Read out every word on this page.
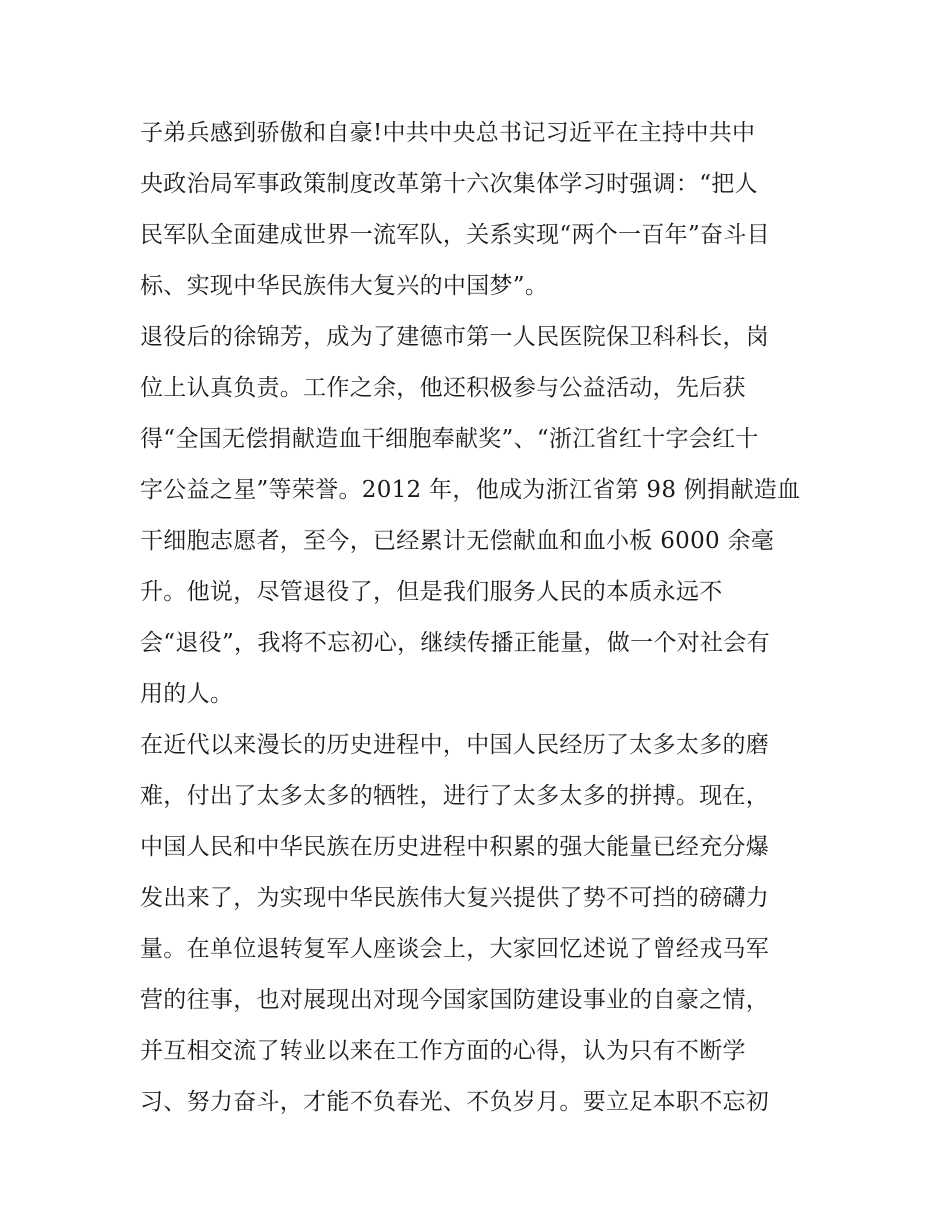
子弟兵感到骄傲和自豪!中共中央总书记习近平在主持中共中
央政治局军事政策制度改革第十六次集体学习时强调：“把人
民军队全面建成世界一流军队，关系实现“两个一百年”奋斗目
标、实现中华民族伟大复兴的中国梦”。
退役后的徐锦芳，成为了建德市第一人民医院保卫科科长，岗
位上认真负责。工作之余，他还积极参与公益活动，先后获
得“全国无偿捐献造血干细胞奉献奖”、“浙江省红十字会红十
字公益之星”等荣誉。2012 年，他成为浙江省第 98 例捐献造血
干细胞志愿者，至今，已经累计无偿献血和血小板 6000 余毫
升。他说，尽管退役了，但是我们服务人民的本质永远不
会“退役”，我将不忘初心，继续传播正能量，做一个对社会有
用的人。
在近代以来漫长的历史进程中，中国人民经历了太多太多的磨
难，付出了太多太多的牺牲，进行了太多太多的拼搏。现在，
中国人民和中华民族在历史进程中积累的强大能量已经充分爆
发出来了，为实现中华民族伟大复兴提供了势不可挡的磅礴力
量。在单位退转复军人座谈会上，大家回忆述说了曾经戎马军
营的往事，也对展现出对现今国家国防建设事业的自豪之情，
并互相交流了转业以来在工作方面的心得，认为只有不断学
习、努力奋斗，才能不负春光、不负岁月。要立足本职不忘初
